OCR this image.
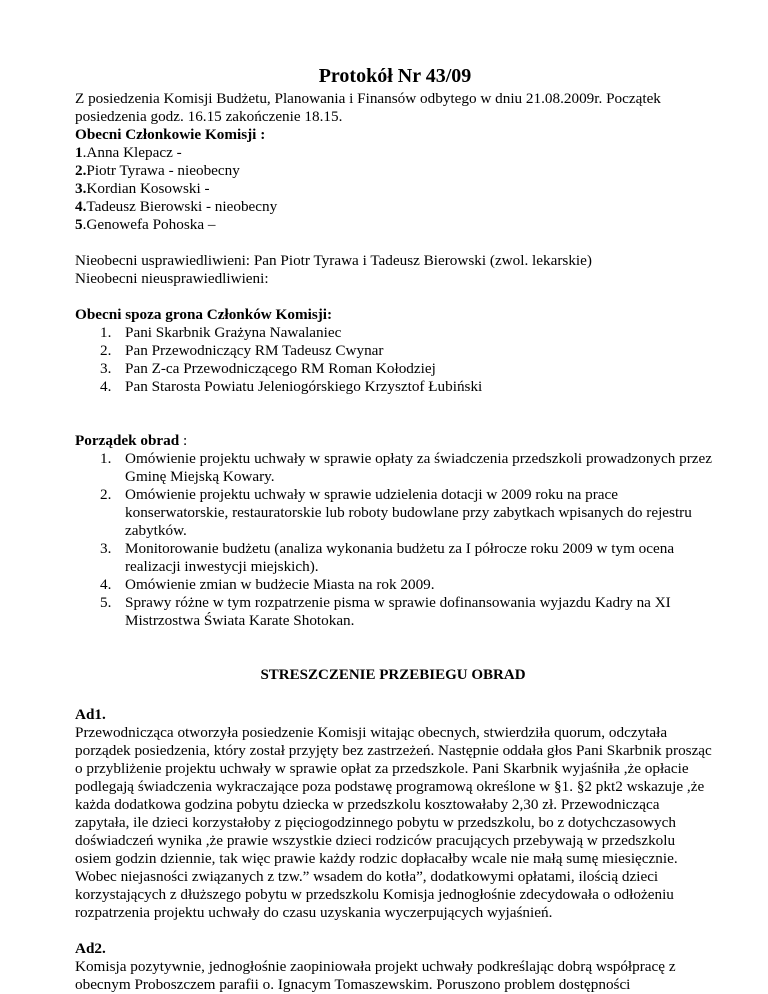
Protokół Nr 43/09

Z posiedzenia Komisji Budżetu, Planowania i Finansów odbytego w dniu 21.08.2009r. Początek posiedzenia godz. 16.15 zakończenie 18.15.

Obecni Członkowie Komisji :

1.Anna Klepacz -
2.Piotr Tyrawa - nieobecny
3.Kordian Kosowski -
4.Tadeusz Bierowski - nieobecny
5.Genowefa Pohoska –

Nieobecni usprawiedliwieni: Pan Piotr Tyrawa i Tadeusz Bierowski (zwol. lekarskie)

Nieobecni nieusprawiedliwieni:

Obecni spoza grona Członków Komisji:

1. Pani Skarbnik Grażyna Nawalaniec
2. Pan Przewodniczący RM Tadeusz Cwynar
3. Pan Z-ca Przewodniczącego RM Roman Kołodziej
4. Pan Starosta Powiatu Jeleniogórskiego Krzysztof Łubiński

Porządek obrad :

1. Omówienie projektu uchwały w sprawie opłaty za świadczenia przedszkoli prowadzonych przez Gminę Miejską Kowary.
2. Omówienie projektu uchwały w sprawie udzielenia dotacji w 2009 roku na prace konserwatorskie, restauratorskie lub roboty budowlane przy zabytkach wpisanych do rejestru zabytków.
3. Monitorowanie budżetu (analiza wykonania budżetu za I półrocze roku 2009 w tym ocena realizacji inwestycji miejskich).
4. Omówienie zmian w budżecie Miasta na rok 2009.
5. Sprawy różne w tym rozpatrzenie pisma w sprawie dofinansowania wyjazdu Kadry na XI Mistrzostwa Świata Karate Shotokan.

STRESZCZENIE PRZEBIEGU OBRAD

Ad1.

Przewodnicząca otworzyła posiedzenie Komisji witając obecnych, stwierdziła quorum, odczytała porządek posiedzenia, który został przyjęty bez zastrzeżeń. Następnie oddała głos Pani Skarbnik prosząc o przybliżenie projektu uchwały w sprawie opłat za przedszkole. Pani Skarbnik wyjaśniła ,że opłacie podlegają świadczenia wykraczające poza podstawę programową określone w §1. §2 pkt2 wskazuje ,że każda dodatkowa godzina pobytu dziecka w przedszkolu kosztowałaby 2,30 zł. Przewodnicząca zapytała, ile dzieci korzystałoby z pięciogodzinnego pobytu w przedszkolu, bo z dotychczasowych doświadczeń wynika ,że prawie wszystkie dzieci rodziców pracujących przebywają w przedszkolu osiem godzin dziennie, tak więc prawie każdy rodzic dopłacałby wcale nie małą sumę miesięcznie. Wobec niejasności związanych z tzw.” wsadem do kotła”, dodatkowymi opłatami, ilością dzieci korzystających z dłuższego pobytu w przedszkolu Komisja jednogłośnie zdecydowała o odłożeniu rozpatrzenia projektu uchwały do czasu uzyskania wyczerpujących wyjaśnień.

Ad2.

Komisja pozytywnie, jednogłośnie zaopiniowała projekt uchwały podkreślając dobrą współpracę z obecnym Proboszczem parafii o. Ignacym Tomaszewskim. Poruszono problem dostępności
